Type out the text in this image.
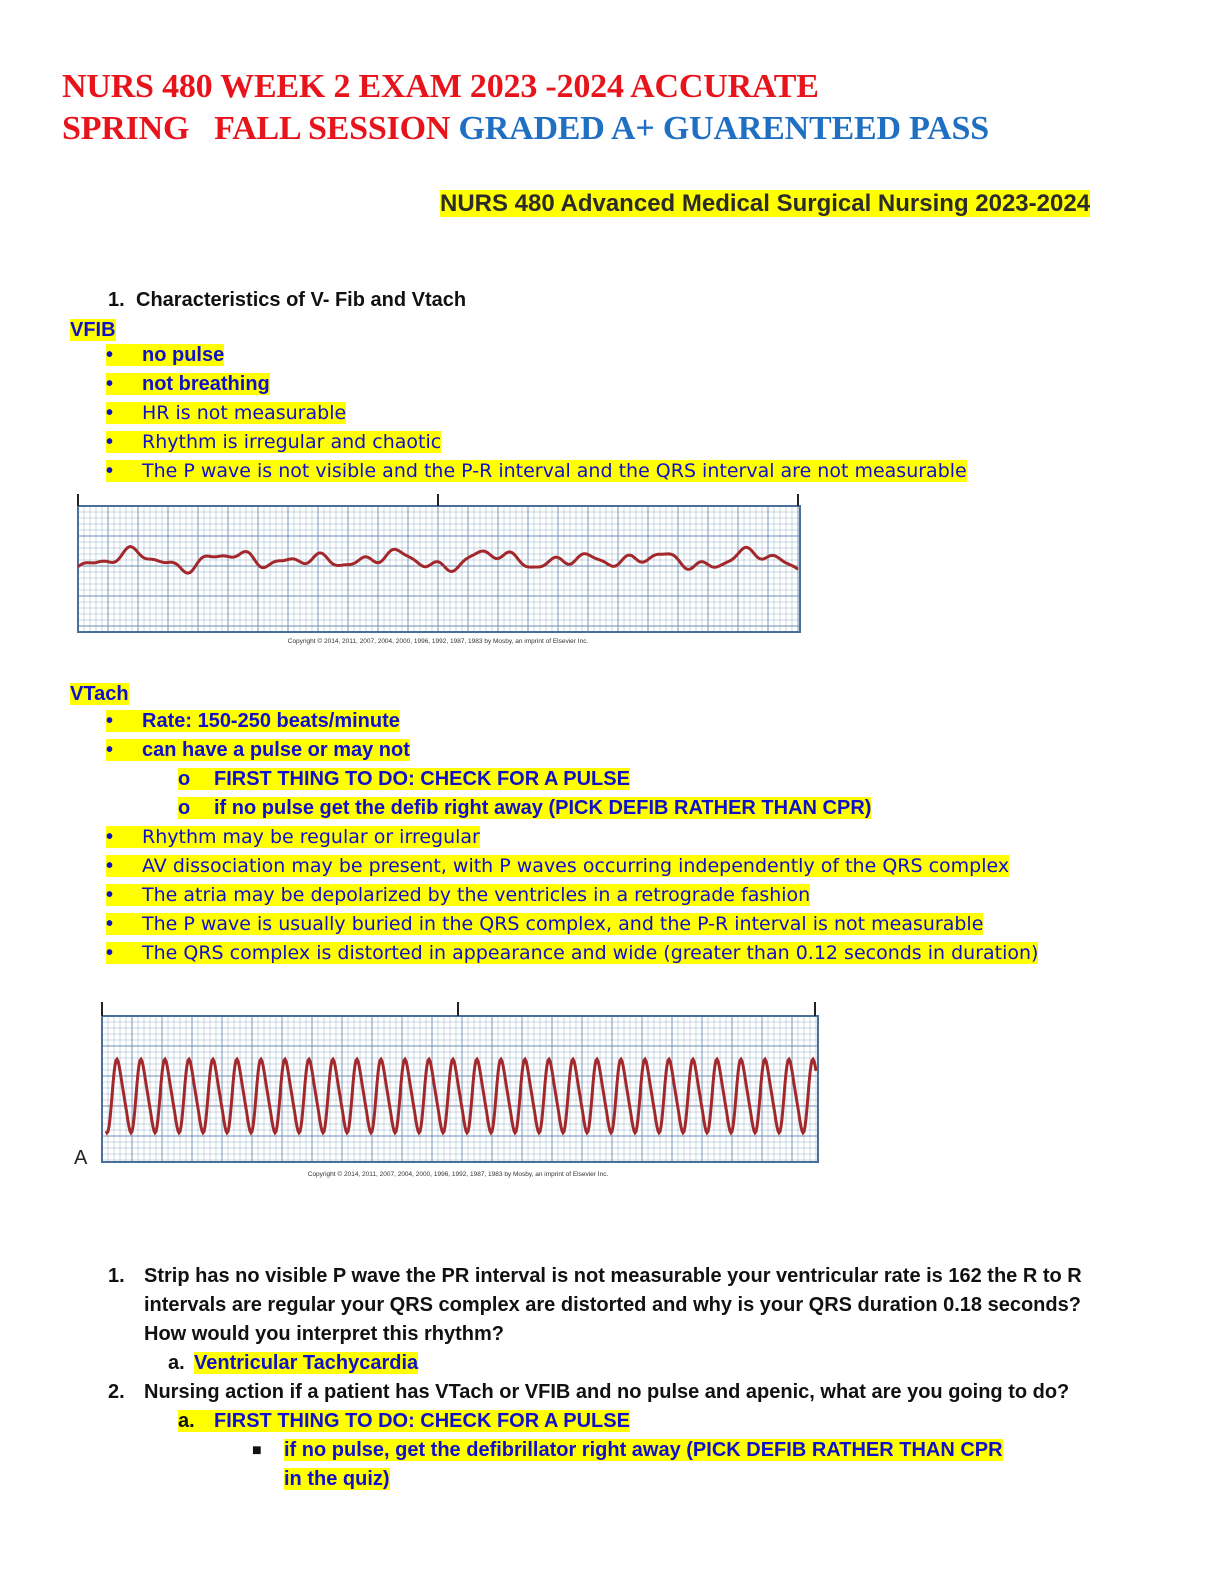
NURS 480 WEEK 2 EXAM 2023 -2024 ACCURATE
SPRING   FALL SESSION GRADED A+ GUARENTEED PASS
NURS 480 Advanced Medical Surgical Nursing 2023-2024
1. Characteristics of V- Fib and Vtach
VFIB
• no pulse
• not breathing
• HR is not measurable
• Rhythm is irregular and chaotic
• The P wave is not visible and the P-R interval and the QRS interval are not measurable
Copyright © 2014, 2011, 2007, 2004, 2000, 1996, 1992, 1987, 1983 by Mosby, an imprint of Elsevier Inc.
VTach
• Rate: 150-250 beats/minute
• can have a pulse or may not
o FIRST THING TO DO: CHECK FOR A PULSE
o if no pulse get the defib right away (PICK DEFIB RATHER THAN CPR)
• Rhythm may be regular or irregular
• AV dissociation may be present, with P waves occurring independently of the QRS complex
• The atria may be depolarized by the ventricles in a retrograde fashion
• The P wave is usually buried in the QRS complex, and the P-R interval is not measurable
• The QRS complex is distorted in appearance and wide (greater than 0.12 seconds in duration)
A
Copyright © 2014, 2011, 2007, 2004, 2000, 1996, 1992, 1987, 1983 by Mosby, an imprint of Elsevier Inc.
1. Strip has no visible P wave the PR interval is not measurable your ventricular rate is 162 the R to R intervals are regular your QRS complex are distorted and why is your QRS duration 0.18 seconds? How would you interpret this rhythm?
a. Ventricular Tachycardia
2. Nursing action if a patient has VTach or VFIB and no pulse and apenic, what are you going to do?
a. FIRST THING TO DO: CHECK FOR A PULSE
■ if no pulse, get the defibrillator right away (PICK DEFIB RATHER THAN CPR in the quiz)
